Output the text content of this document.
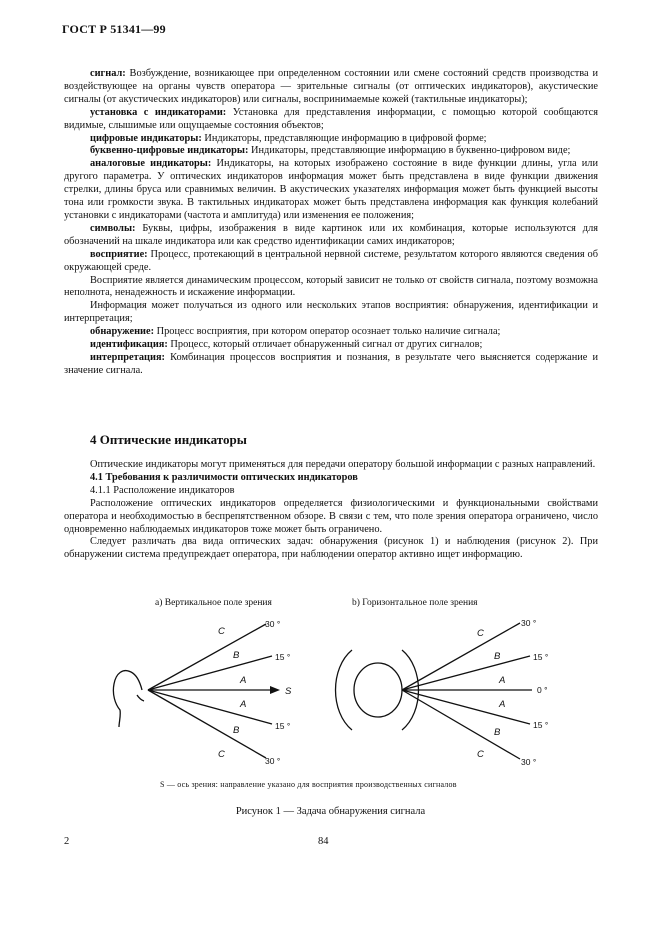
ГОСТ Р 51341—99

сигнал: Возбуждение, возникающее при определенном состоянии или смене состояний средств производства и воздействующее на органы чувств оператора — зрительные сигналы (от оптических индикаторов), акустические сигналы (от акустических индикаторов) или сигналы, воспринимаемые кожей (тактильные индикаторы);

установка с индикаторами: Установка для представления информации, с помощью которой сообщаются видимые, слышимые или ощущаемые состояния объектов;

цифровые индикаторы: Индикаторы, представляющие информацию в цифровой форме;

буквенно-цифровые индикаторы: Индикаторы, представляющие информацию в буквенно-цифровом виде;

аналоговые индикаторы: Индикаторы, на которых изображено состояние в виде функции длины, угла или другого параметра. У оптических индикаторов информация может быть представлена в виде функции движения стрелки, длины бруса или сравнимых величин. В акустических указателях информация может быть функцией высоты тона или громкости звука. В тактильных индикаторах может быть представлена информация как функция колебаний установки с индикаторами (частота и амплитуда) или изменения ее положения;

символы: Буквы, цифры, изображения в виде картинок или их комбинация, которые используются для обозначений на шкале индикатора или как средство идентификации самих индикаторов;

восприятие: Процесс, протекающий в центральной нервной системе, результатом которого являются сведения об окружающей среде.

Восприятие является динамическим процессом, который зависит не только от свойств сигнала, поэтому возможна неполнота, ненадежность и искажение информации.

Информация может получаться из одного или нескольких этапов восприятия: обнаружения, идентификации и интерпретация;

обнаружение: Процесс восприятия, при котором оператор осознает только наличие сигнала;

идентификация: Процесс, который отличает обнаруженный сигнал от других сигналов;

интерпретация: Комбинация процессов восприятия и познания, в результате чего выясняется содержание и значение сигнала.

4 Оптические индикаторы

Оптические индикаторы могут применяться для передачи оператору большой информации с разных направлений.

4.1 Требования к различимости оптических индикаторов

4.1.1 Расположение индикаторов

Расположение оптических индикаторов определяется физиологическими и функциональными свойствами оператора и необходимостью в беспрепятственном обзоре. В связи с тем, что поле зрения оператора ограничено, число одновременно наблюдаемых индикаторов тоже может быть ограничено.

Следует различать два вида оптических задач: обнаружения (рисунок 1) и наблюдения (рисунок 2). При обнаружении система предупреждает оператора, при наблюдении оператор активно ищет информацию.

а) Вертикальное поле зрения	b) Горизонтальное поле зрения
C
B
A
A
B
C
S
C
B
A
A
B
C
30 °
15 °
15 °
30 °
30 °
15 °
0 °
15 °
30 °
S — ось зрения: направление указано для восприятия производственных сигналов
Рисунок 1 — Задача обнаружения сигнала
2	84
